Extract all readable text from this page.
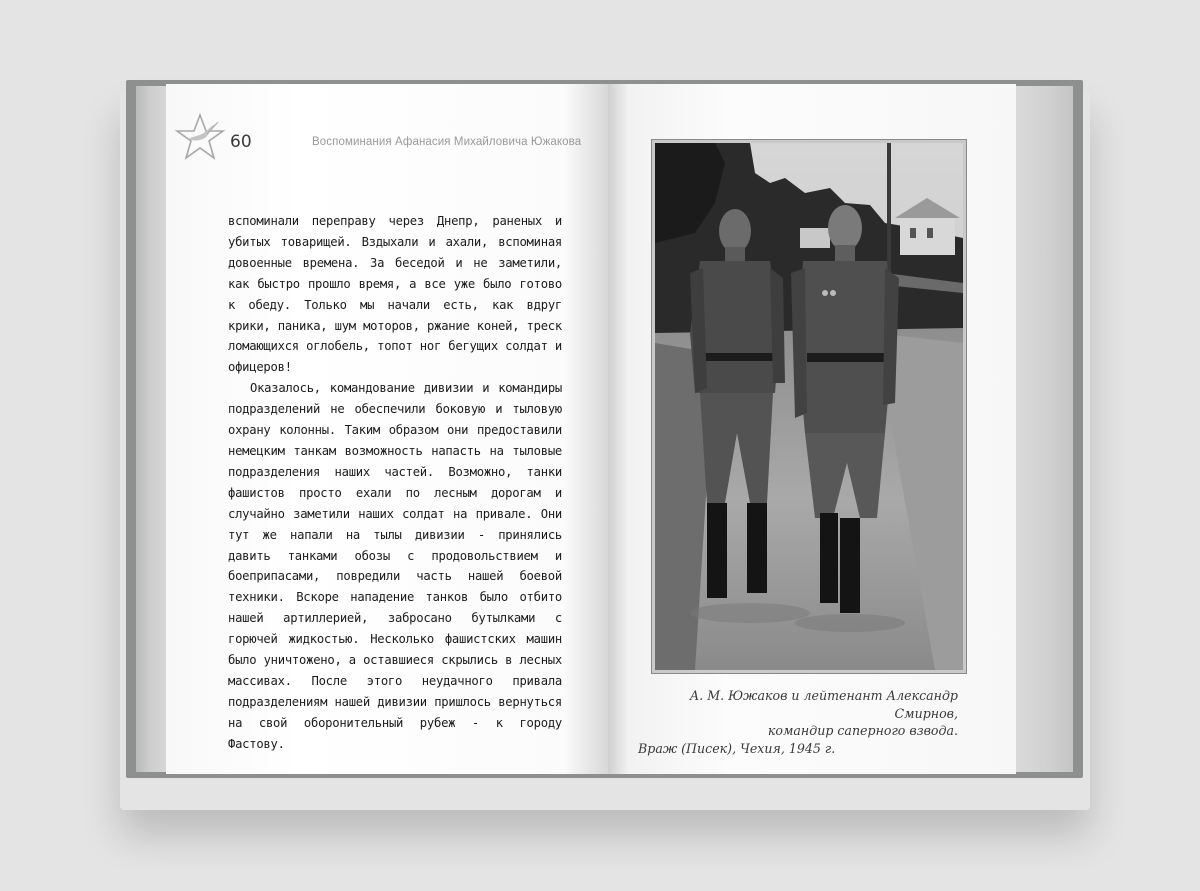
60	Воспоминания Афанасия Михайловича Южакова

вспоминали переправу через Днепр, раненых и убитых товарищей. Вздыхали и ахали, вспоминая довоенные времена. За беседой и не заметили, как быстро прошло время, а все уже было готово к обеду. Только мы начали есть, как вдруг крики, паника, шум моторов, ржание коней, треск ломающихся оглобель, топот ног бегущих солдат и офицеров!

Оказалось, командование дивизии и командиры подразделений не обеспечили боковую и тыловую охрану колонны. Таким образом они предоставили немецким танкам возможность напасть на тыловые подразделения наших частей. Возможно, танки фашистов просто ехали по лесным дорогам и случайно заметили наших солдат на привале. Они тут же напали на тылы дивизии - принялись давить танками обозы с продовольствием и боеприпасами, повредили часть нашей боевой техники. Вскоре нападение танков было отбито нашей артиллерией, забросано бутылками с горючей жидкостью. Несколько фашистских машин было уничтожено, а оставшиеся скрылись в лесных массивах. После этого неудачного привала подразделениям нашей дивизии пришлось вернуться на свой оборонительный рубеж - к городу Фастову.

А. М. Южаков и лейтенант Александр Смирнов,
командир саперного взвода.
Враж (Писек), Чехия, 1945 г.
